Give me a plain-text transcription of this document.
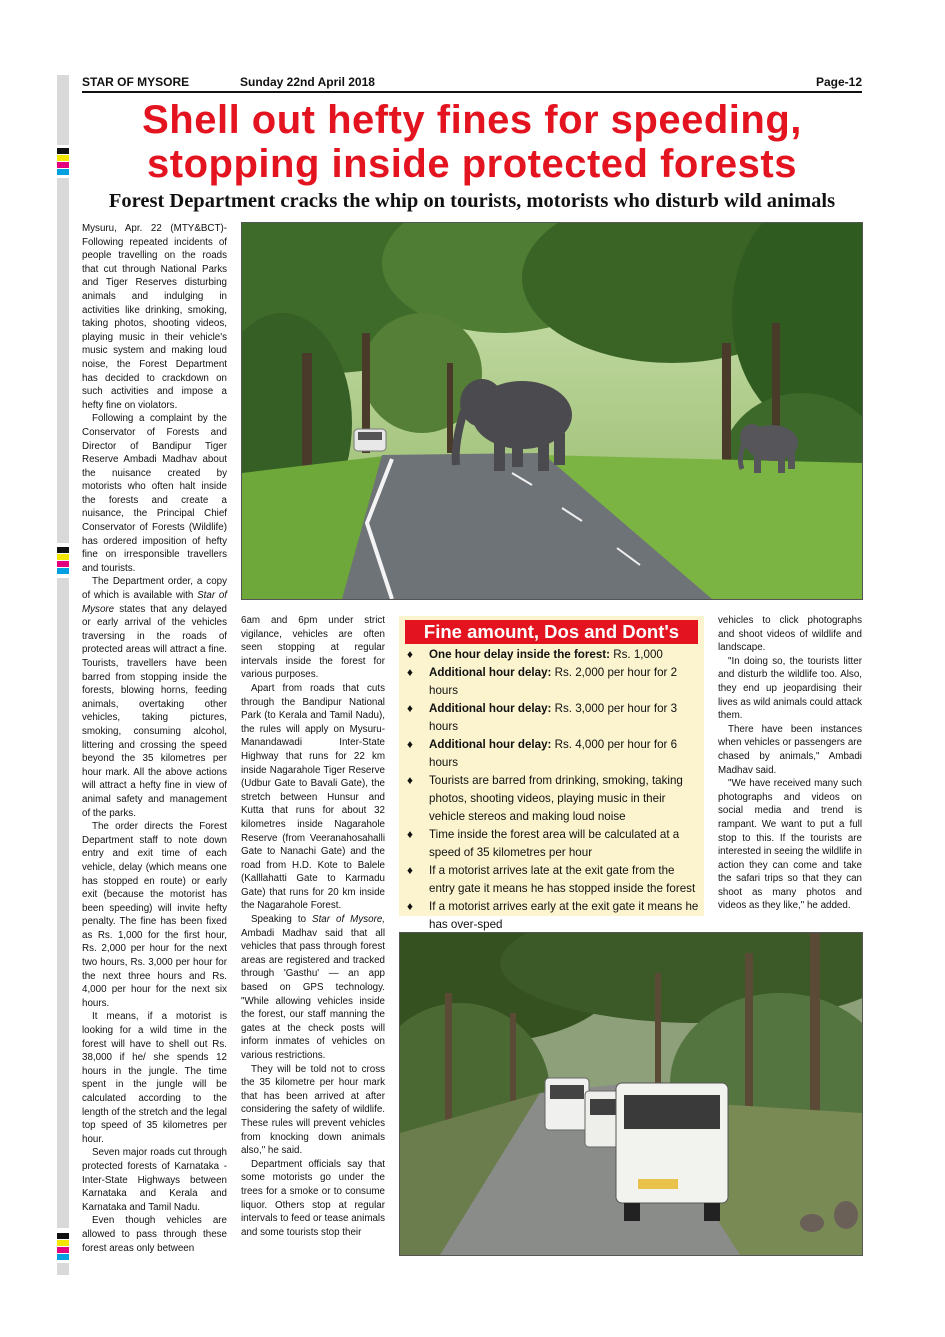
STAR OF MYSORE	Sunday 22nd April 2018	Page-12
Shell out hefty fines for speeding,
stopping inside protected forests
Forest Department cracks the whip on tourists, motorists who disturb wild animals

Mysuru, Apr. 22 (MTY&BCT)- Following repeated incidents of people travelling on the roads that cut through National Parks and Tiger Reserves disturbing animals and indulging in activities like drinking, smoking, taking photos, shooting videos, playing music in their vehicle's music system and making loud noise, the Forest Department has decided to crackdown on such activities and impose a hefty fine on violators.

Following a complaint by the Conservator of Forests and Director of Bandipur Tiger Reserve Ambadi Madhav about the nuisance created by motorists who often halt inside the forests and create a nuisance, the Principal Chief Conservator of Forests (Wildlife) has ordered imposition of hefty fine on irresponsible travellers and tourists.

The Department order, a copy of which is available with Star of Mysore states that any delayed or early arrival of the vehicles traversing in the roads of protected areas will attract a fine. Tourists, travellers have been barred from stopping inside the forests, blowing horns, feeding animals, overtaking other vehicles, taking pictures, smoking, consuming alcohol, littering and crossing the speed beyond the 35 kilometres per hour mark. All the above actions will attract a hefty fine in view of animal safety and management of the parks.

The order directs the Forest Department staff to note down entry and exit time of each vehicle, delay (which means one has stopped en route) or early exit (because the motorist has been speeding) will invite hefty penalty. The fine has been fixed as Rs. 1,000 for the first hour, Rs. 2,000 per hour for the next two hours, Rs. 3,000 per hour for the next three hours and Rs. 4,000 per hour for the next six hours.

It means, if a motorist is looking for a wild time in the forest will have to shell out Rs. 38,000 if he/ she spends 12 hours in the jungle. The time spent in the jungle will be calculated according to the length of the stretch and the legal top speed of 35 kilometres per hour.

Seven major roads cut through protected forests of Karnataka - Inter-State Highways between Karnataka and Kerala and Karnataka and Tamil Nadu.

Even though vehicles are allowed to pass through these forest areas only between

6am and 6pm under strict vigilance, vehicles are often seen stopping at regular intervals inside the forest for various purposes.

Apart from roads that cuts through the Bandipur National Park (to Kerala and Tamil Nadu), the rules will apply on Mysuru-Manandawadi Inter-State Highway that runs for 22 km inside Nagarahole Tiger Reserve (Udbur Gate to Bavali Gate), the stretch between Hunsur and Kutta that runs for about 32 kilometres inside Nagarahole Reserve (from Veeranahosahalli Gate to Nanachi Gate) and the road from H.D. Kote to Balele (Kalllahatti Gate to Karmadu Gate) that runs for 20 km inside the Nagarahole Forest.

Speaking to Star of Mysore, Ambadi Madhav said that all vehicles that pass through forest areas are registered and tracked through 'Gasthu' — an app based on GPS technology. "While allowing vehicles inside the forest, our staff manning the gates at the check posts will inform inmates of vehicles on various restrictions.

They will be told not to cross the 35 kilometre per hour mark that has been arrived at after considering the safety of wildlife. These rules will prevent vehicles from knocking down animals also," he said.

Department officials say that some motorists go under the trees for a smoke or to consume liquor. Others stop at regular intervals to feed or tease animals and some tourists stop their

Fine amount, Dos and Dont's
♦ One hour delay inside the forest: Rs. 1,000
♦ Additional hour delay: Rs. 2,000 per hour for 2 hours
♦ Additional hour delay: Rs. 3,000 per hour for 3 hours
♦ Additional hour delay: Rs. 4,000 per hour for 6 hours
♦ Tourists are barred from drinking, smoking, taking photos, shooting videos, playing music in their vehicle stereos and making loud noise
♦ Time inside the forest area will be calculated at a speed of 35 kilometres per hour
♦ If a motorist arrives late at the exit gate from the entry gate it means he has stopped inside the forest
♦ If a motorist arrives early at the exit gate it means he has over-sped

vehicles to click photographs and shoot videos of wildlife and landscape.

"In doing so, the tourists litter and disturb the wildlife too. Also, they end up jeopardising their lives as wild animals could attack them.

There have been instances when vehicles or passengers are chased by animals," Ambadi Madhav said.

"We have received many such photographs and videos on social media and trend is rampant. We want to put a full stop to this. If the tourists are interested in seeing the wildlife in action they can come and take the safari trips so that they can shoot as many photos and videos as they like," he added.
